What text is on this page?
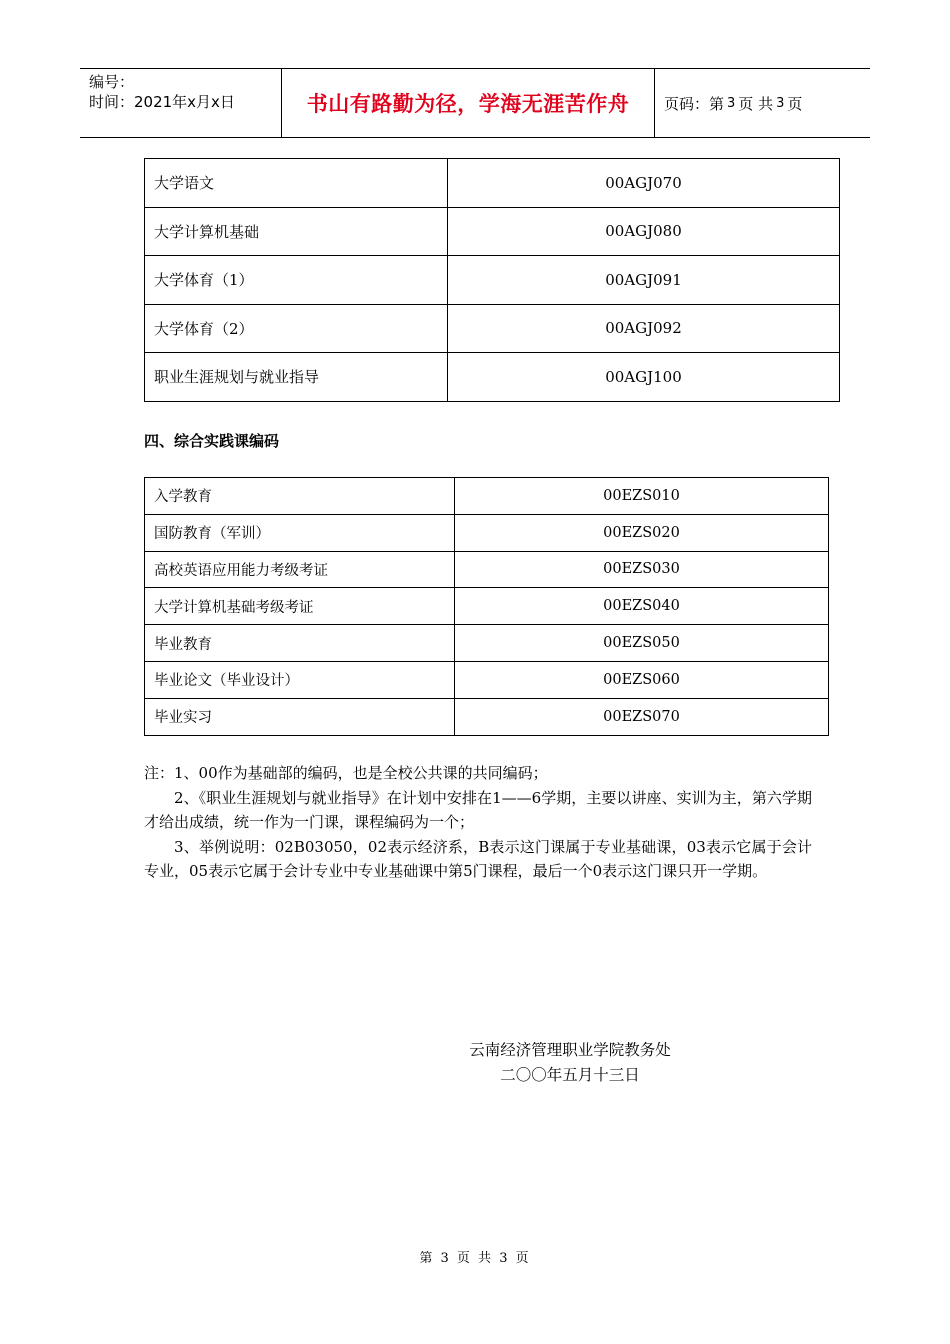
编号：
时间：2021年x月x日	书山有路勤为径，学海无涯苦作舟	页码：第 3 页 共 3 页
大学语文	00AGJ070
大学计算机基础	00AGJ080
大学体育（1）	00AGJ091
大学体育（2）	00AGJ092
职业生涯规划与就业指导	00AGJ100
四、综合实践课编码
入学教育	00EZS010
国防教育（军训）	00EZS020
高校英语应用能力考级考证	00EZS030
大学计算机基础考级考证	00EZS040
毕业教育	00EZS050
毕业论文（毕业设计）	00EZS060
毕业实习	00EZS070

注：1、00作为基础部的编码，也是全校公共课的共同编码；

2、《职业生涯规划与就业指导》在计划中安排在1——6学期，主要以讲座、实训为主，第六学期才给出成绩，统一作为一门课，课程编码为一个；

3、举例说明：02B03050，02表示经济系，B表示这门课属于专业基础课，03表示它属于会计专业，05表示它属于会计专业中专业基础课中第5门课程，最后一个0表示这门课只开一学期。

云南经济管理职业学院教务处
二〇〇年五月十三日
第 3 页 共 3 页
